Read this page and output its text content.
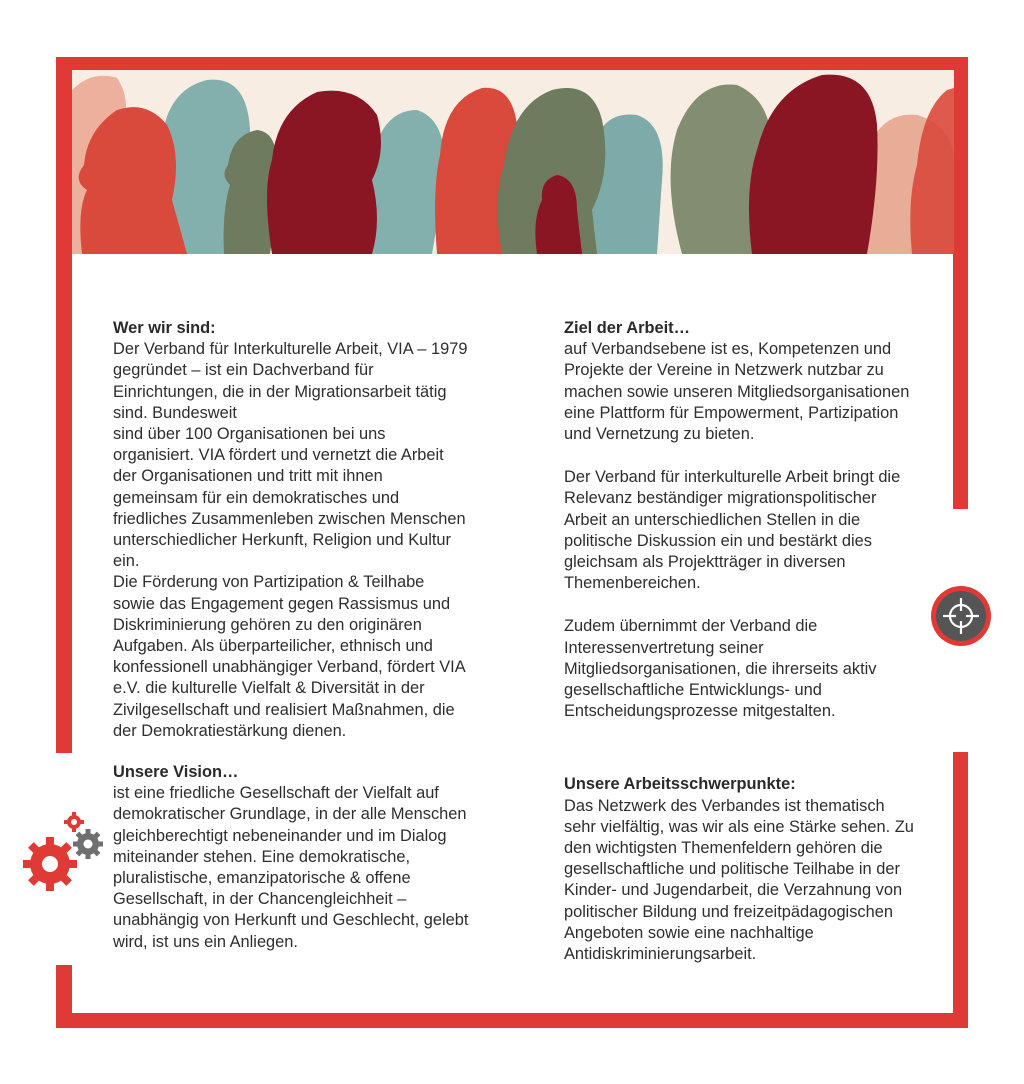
Wer wir sind:

Der Verband für Interkulturelle Arbeit, VIA – 1979 gegründet – ist ein Dachverband für Einrichtungen, die in der Migrationsarbeit tätig sind. Bundesweit
sind über 100 Organisationen bei uns organisiert. VIA fördert und vernetzt die Arbeit der Organisationen und tritt mit ihnen gemeinsam für ein demokratisches und friedliches Zusammenleben zwischen Menschen unterschiedlicher Herkunft, Religion und Kultur ein.
Die Förderung von Partizipation & Teilhabe sowie das Engagement gegen Rassismus und Diskriminierung gehören zu den originären Aufgaben. Als überparteilicher, ethnisch und konfessionell unabhängiger Verband, fördert VIA e.V. die kulturelle Vielfalt & Diversität in der Zivilgesellschaft und realisiert Maßnahmen, die der Demokratiestärkung dienen.

Unsere Vision…

ist eine friedliche Gesellschaft der Vielfalt auf demokratischer Grundlage, in der alle Menschen gleichberechtigt nebeneinander und im Dialog miteinander stehen. Eine demokratische, pluralistische, emanzipatorische & offene Gesellschaft, in der Chancengleichheit – unabhängig von Herkunft und Geschlecht, gelebt wird, ist uns ein Anliegen.

Ziel der Arbeit…

auf Verbandsebene ist es, Kompetenzen und Projekte der Vereine in Netzwerk nutzbar zu machen sowie unseren Mitgliedsorganisationen eine Plattform für Empowerment, Partizipation und Vernetzung zu bieten.

Der Verband für interkulturelle Arbeit bringt die Relevanz beständiger migrationspolitischer Arbeit an unterschiedlichen Stellen in die politische Diskussion ein und bestärkt dies gleichsam als Projektträger in diversen Themenbereichen.

Zudem übernimmt der Verband die Interessenvertretung seiner Mitgliedsorganisationen, die ihrerseits aktiv gesellschaftliche Entwicklungs- und Entscheidungsprozesse mitgestalten.

Unsere Arbeitsschwerpunkte:

Das Netzwerk des Verbandes ist thematisch sehr vielfältig, was wir als eine Stärke sehen. Zu den wichtigsten Themenfeldern gehören die gesellschaftliche und politische Teilhabe in der Kinder- und Jugendarbeit, die Verzahnung von politischer Bildung und freizeitpädagogischen Angeboten sowie eine nachhaltige Antidiskriminierungsarbeit.
